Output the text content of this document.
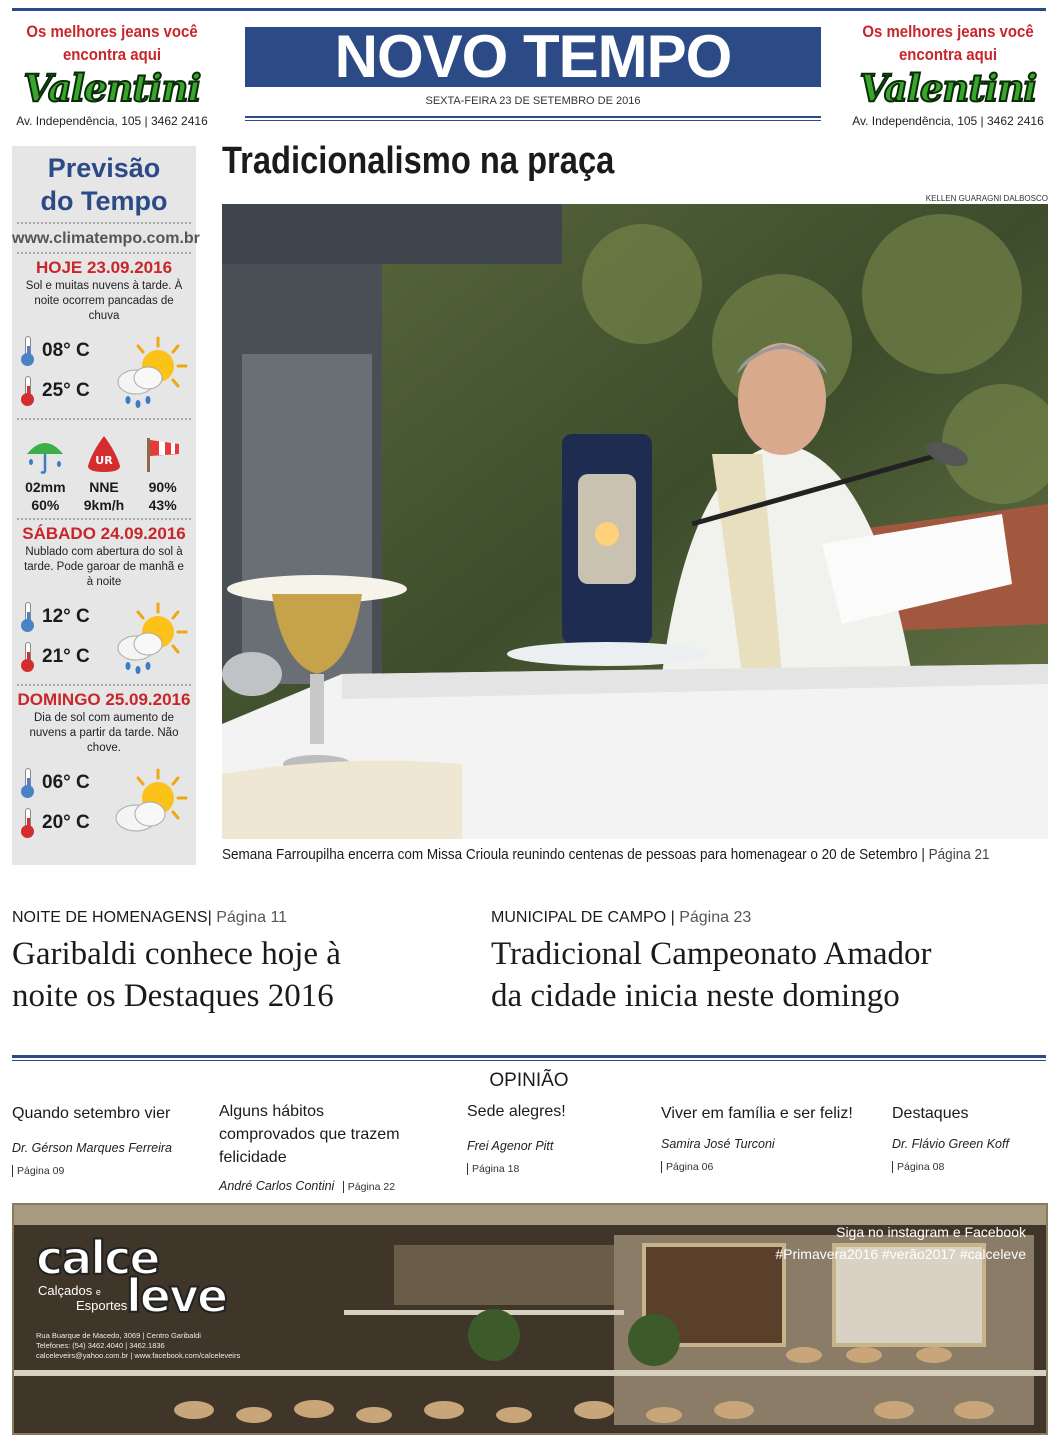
Os melhores jeans você
encontra aqui
Valentini
Av. Independência, 105 | 3462 2416
NOVO TEMPO
SEXTA-FEIRA 23 DE SETEMBRO DE 2016
Os melhores jeans você
encontra aqui
Valentini
Av. Independência, 105 | 3462 2416
Previsão
do Tempo
www.climatempo.com.br
HOJE 23.09.2016
Sol e muitas nuvens à tarde. À noite ocorrem pancadas de chuva
08° C
25° C
02mm
60%
UR
NNE
9km/h
90%
43%
SÁBADO 24.09.2016
Nublado com abertura do sol à tarde. Pode garoar de manhã e à noite
12° C
21° C
DOMINGO 25.09.2016
Dia de sol com aumento de nuvens a partir da tarde. Não chove.
06° C
20° C
Tradicionalismo na praça
KELLEN GUARAGNI DALBOSCO
Semana Farroupilha encerra com Missa Crioula reunindo centenas de pessoas para homenagear o 20 de Setembro | Página 21
NOITE DE HOMENAGENS| Página 11
Garibaldi conhece hoje à
noite os Destaques 2016
MUNICIPAL DE CAMPO | Página 23
Tradicional Campeonato Amador
da cidade inicia neste domingo
OPINIÃO
Quando setembro vier
Dr. Gérson Marques Ferreira
Página 09
Alguns hábitos comprovados que trazem felicidade
André Carlos Contini Página 22
Sede alegres!
Frei Agenor Pitt
Página 18
Viver em família e ser feliz!
Samira José Turconi
Página 06
Destaques
Dr. Flávio Green Koff
Página 08
calce
leve
Calçados e
Esportes
Rua Buarque de Macedo, 3069 | Centro Garibaldi
Telefones: (54) 3462.4040 | 3462.1836
calceleveirs@yahoo.com.br | www.facebook.com/calceleveirs
Siga no instagram e Facebook
#Primavera2016 #verão2017 #calceleve
